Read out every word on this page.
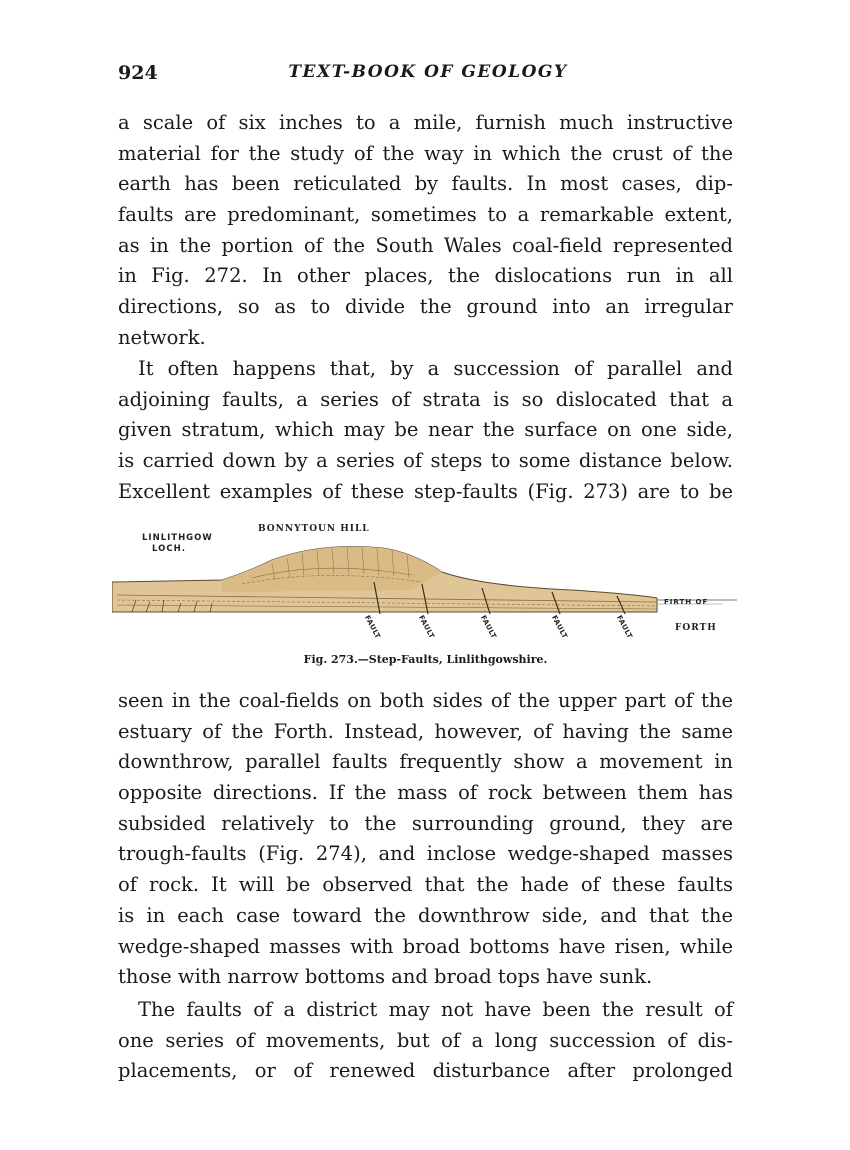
924	TEXT-BOOK OF GEOLOGY
a scale of six inches to a mile, furnish much instructive
material for the study of the way in which the crust of the
earth has been reticulated by faults. In most cases, dip-
faults are predominant, sometimes to a remarkable extent,
as in the portion of the South Wales coal-field represented
in Fig. 272. In other places, the dislocations run in all
directions, so as to divide the ground into an irregular
network.
It often happens that, by a succession of parallel and
adjoining faults, a series of strata is so dislocated that a
given stratum, which may be near the surface on one side,
is carried down by a series of steps to some distance below.
Excellent examples of these step-faults (Fig. 273) are to be
LINLITHGOW
LOCH.
BONNYTOUN HILL
FIRTH OF
FORTH
FAULT	FAULT	FAULT	FAULT	FAULT
Fig. 273.—Step-Faults, Linlithgowshire.
seen in the coal-fields on both sides of the upper part of the
estuary of the Forth. Instead, however, of having the same
downthrow, parallel faults frequently show a movement in
opposite directions. If the mass of rock between them has
subsided relatively to the surrounding ground, they are
trough-faults (Fig. 274), and inclose wedge-shaped masses
of rock. It will be observed that the hade of these faults
is in each case toward the downthrow side, and that the
wedge-shaped masses with broad bottoms have risen, while
those with narrow bottoms and broad tops have sunk.
The faults of a district may not have been the result of
one series of movements, but of a long succession of dis-
placements, or of renewed disturbance after prolonged
